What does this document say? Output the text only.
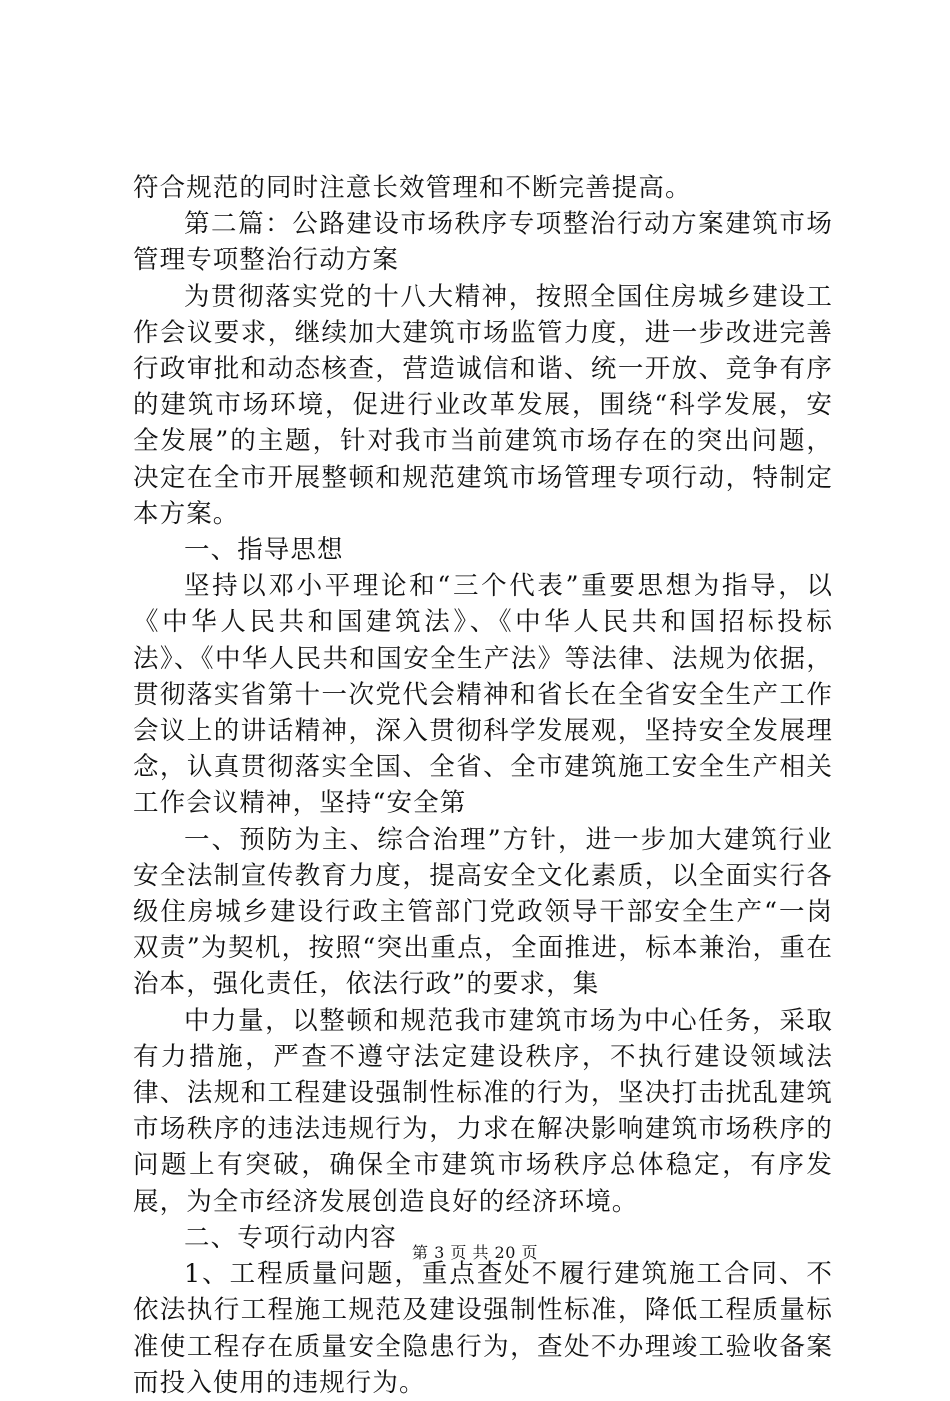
符合规范的同时注意长效管理和不断完善提高。

第二篇：公路建设市场秩序专项整治行动方案建筑市场管理专项整治行动方案

为贯彻落实党的十八大精神，按照全国住房城乡建设工作会议要求，继续加大建筑市场监管力度，进一步改进完善行政审批和动态核查，营造诚信和谐、统一开放、竞争有序的建筑市场环境，促进行业改革发展，围绕“科学发展，安全发展”的主题，针对我市当前建筑市场存在的突出问题，决定在全市开展整顿和规范建筑市场管理专项行动，特制定本方案。

一、指导思想

坚持以邓小平理论和“三个代表”重要思想为指导，以《中华人民共和国建筑法》、《中华人民共和国招标投标法》、《中华人民共和国安全生产法》等法律、法规为依据，贯彻落实省第十一次党代会精神和省长在全省安全生产工作会议上的讲话精神，深入贯彻科学发展观，坚持安全发展理念，认真贯彻落实全国、全省、全市建筑施工安全生产相关工作会议精神，坚持“安全第

一、预防为主、综合治理”方针，进一步加大建筑行业安全法制宣传教育力度，提高安全文化素质，以全面实行各级住房城乡建设行政主管部门党政领导干部安全生产“一岗双责”为契机，按照“突出重点，全面推进，标本兼治，重在治本，强化责任，依法行政”的要求，集

中力量，以整顿和规范我市建筑市场为中心任务，采取有力措施，严查不遵守法定建设秩序，不执行建设领域法律、法规和工程建设强制性标准的行为，坚决打击扰乱建筑市场秩序的违法违规行为，力求在解决影响建筑市场秩序的问题上有突破，确保全市建筑市场秩序总体稳定，有序发展，为全市经济发展创造良好的经济环境。

二、专项行动内容

1、工程质量问题，重点查处不履行建筑施工合同、不依法执行工程施工规范及建设强制性标准，降低工程质量标准使工程存在质量安全隐患行为，查处不办理竣工验收备案而投入使用的违规行为。

第 3 页 共 20 页
